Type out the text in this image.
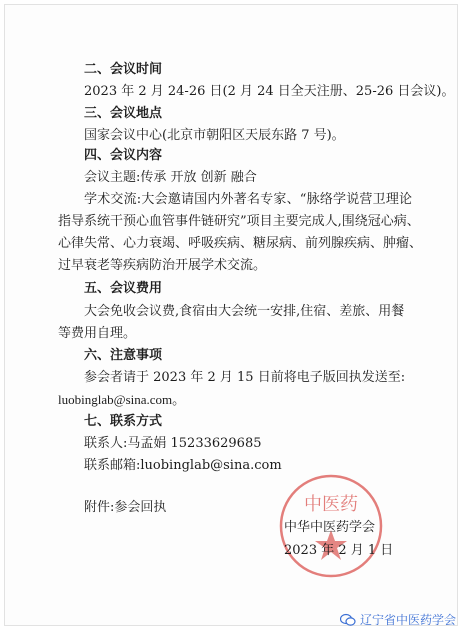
二、会议时间
2023 年 2 月 24-26 日(2 月 24 日全天注册、25-26 日会议)。
三、会议地点
国家会议中心(北京市朝阳区天辰东路 7 号)。
四、会议内容
会议主题:传承 开放 创新 融合
学术交流:大会邀请国内外著名专家、“脉络学说营卫理论
指导系统干预心血管事件链研究”项目主要完成人,围绕冠心病、
心律失常、心力衰竭、呼吸疾病、糖尿病、前列腺疾病、肿瘤、
过早衰老等疾病防治开展学术交流。
五、会议费用
大会免收会议费,食宿由大会统一安排,住宿、差旅、用餐
等费用自理。
六、注意事项
参会者请于 2023 年 2 月 15 日前将电子版回执发送至:
luobinglab@sina.com。
七、联系方式
联系人:马孟娟 15233629685
联系邮箱:luobinglab@sina.com
附件:参会回执	中医药
中华中医药学会
2023 年 2 月 1 日
辽宁省中医药学会
